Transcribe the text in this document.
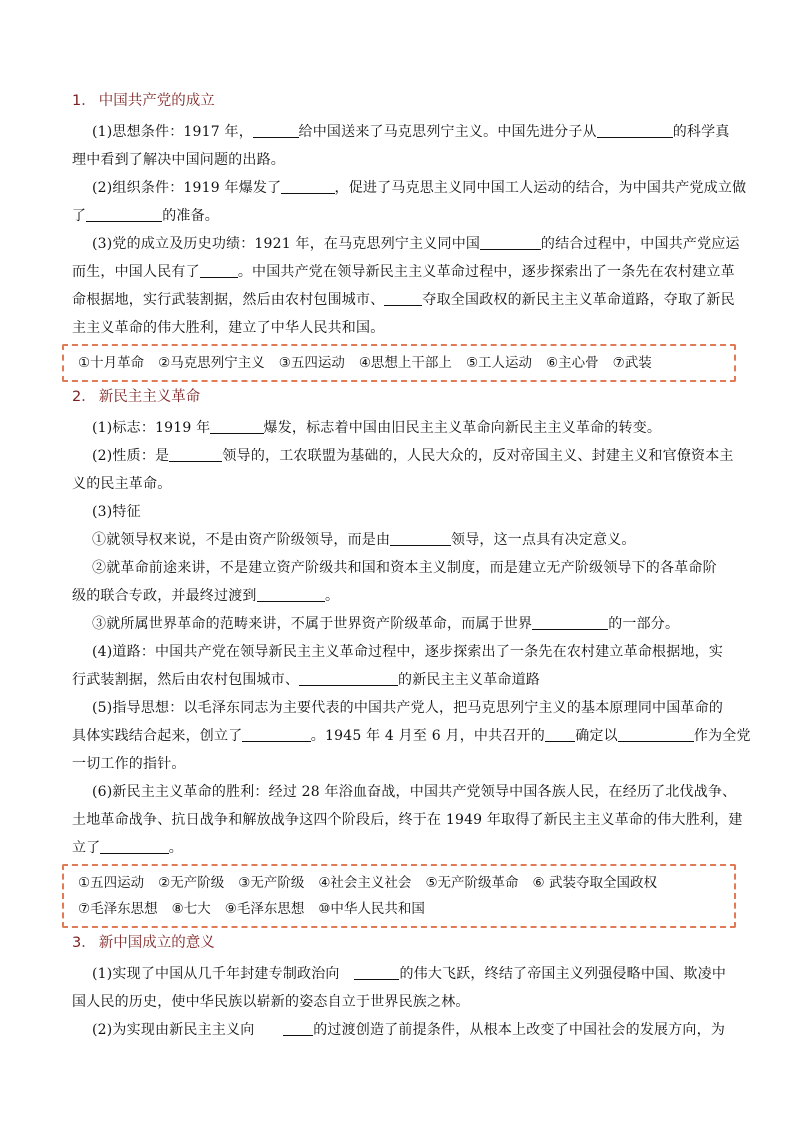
1． 中国共产党的成立
(1)思想条件：1917 年，	给中国送来了马克思列宁主义。中国先进分子从	的科学真
理中看到了解决中国问题的出路。
(2)组织条件：1919 年爆发了	，促进了马克思主义同中国工人运动的结合，为中国共产党成立做
了	的准备。
(3)党的成立及历史功绩：1921 年，在马克思列宁主义同中国	的结合过程中，中国共产党应运
而生，中国人民有了	。中国共产党在领导新民主主义革命过程中，逐步探索出了一条先在农村建立革
命根据地，实行武装割据，然后由农村包围城市、	夺取全国政权的新民主主义革命道路，夺取了新民
主主义革命的伟大胜利，建立了中华人民共和国。
①十月革命 ②马克思列宁主义 ③五四运动 ④思想上干部上 ⑤工人运动 ⑥主心骨 ⑦武装
2． 新民主主义革命
(1)标志：1919 年	爆发，标志着中国由旧民主主义革命向新民主主义革命的转变。
(2)性质：是	领导的，工农联盟为基础的，人民大众的，反对帝国主义、封建主义和官僚资本主
义的民主革命。
(3)特征
①就领导权来说，不是由资产阶级领导，而是由	领导，这一点具有决定意义。
②就革命前途来讲，不是建立资产阶级共和国和资本主义制度，而是建立无产阶级领导下的各革命阶
级的联合专政，并最终过渡到	。
③就所属世界革命的范畴来讲，不属于世界资产阶级革命，而属于世界	的一部分。
(4)道路：中国共产党在领导新民主主义革命过程中，逐步探索出了一条先在农村建立革命根据地，实
行武装割据，然后由农村包围城市、	的新民主主义革命道路
(5)指导思想：以毛泽东同志为主要代表的中国共产党人，把马克思列宁主义的基本原理同中国革命的
具体实践结合起来，创立了	。1945 年 4 月至 6 月，中共召开的 确定以	作为全党
一切工作的指针。
(6)新民主主义革命的胜利：经过 28 年浴血奋战，中国共产党领导中国各族人民，在经历了北伐战争、
土地革命战争、抗日战争和解放战争这四个阶段后，终于在 1949 年取得了新民主主义革命的伟大胜利，建
立了	。
①五四运动 ②无产阶级 ③无产阶级 ④社会主义社会 ⑤无产阶级革命 ⑥ 武装夺取全国政权
⑦毛泽东思想 ⑧七大 ⑨毛泽东思想 ⑩中华人民共和国
3． 新中国成立的意义
(1)实现了中国从几千年封建专制政治向　	的伟大飞跃，终结了帝国主义列强侵略中国、欺凌中
国人民的历史，使中华民族以崭新的姿态自立于世界民族之林。
(2)为实现由新民主主义向　　的过渡创造了前提条件，从根本上改变了中国社会的发展方向，为
